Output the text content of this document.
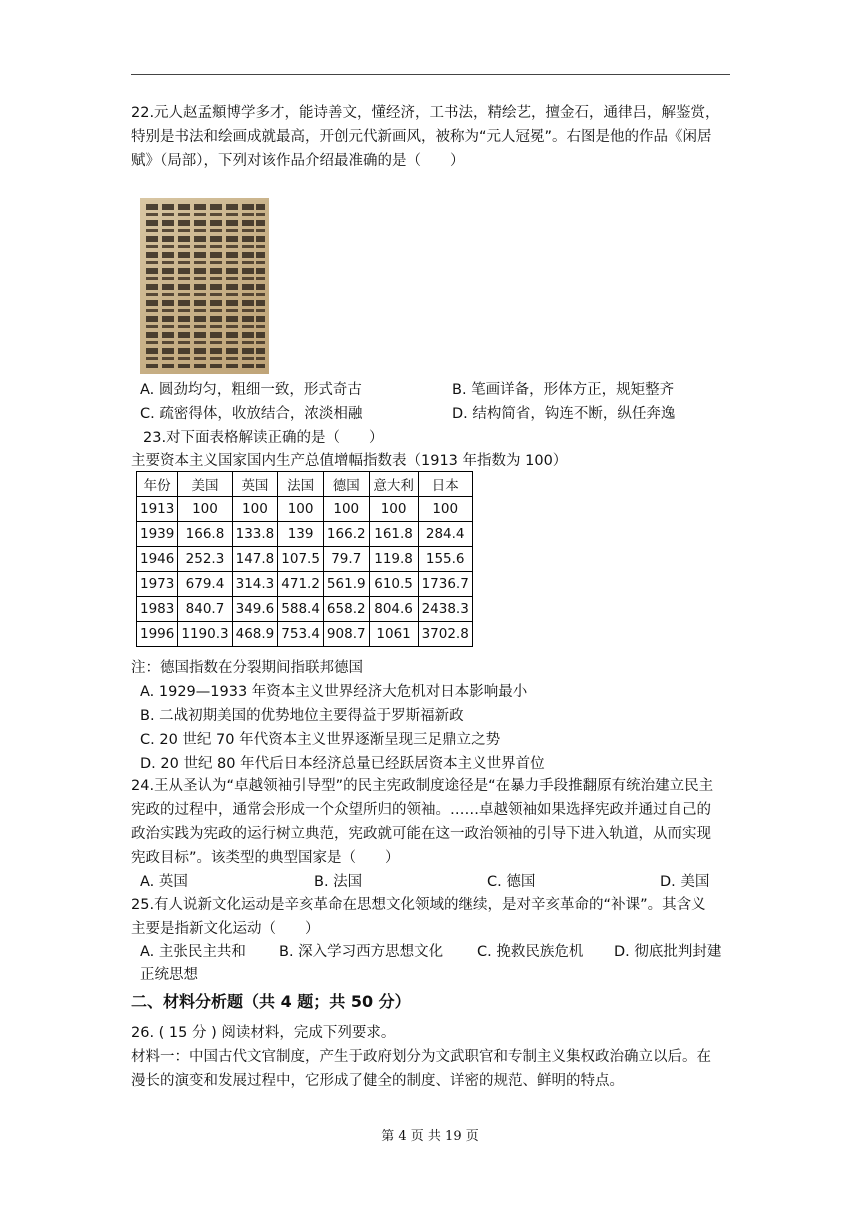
22.元人赵孟頫博学多才，能诗善文，懂经济，工书法，精绘艺，擅金石，通律吕，解鉴赏，
特别是书法和绘画成就最高，开创元代新画风，被称为“元人冠冕”。右图是他的作品《闲居
赋》（局部），下列对该作品介绍最准确的是（　　）
A. 圆劲均匀，粗细一致，形式奇古	B. 笔画详备，形体方正，规矩整齐
C. 疏密得体，收放结合，浓淡相融	D. 结构简省，钩连不断，纵任奔逸
23.对下面表格解读正确的是（　　）
主要资本主义国家国内生产总值增幅指数表（1913 年指数为 100）
年份	美国	英国	法国	德国	意大利	日本
1913	100	100	100	100	100	100
1939	166.8	133.8	139	166.2	161.8	284.4
1946	252.3	147.8	107.5	79.7	119.8	155.6
1973	679.4	314.3	471.2	561.9	610.5	1736.7
1983	840.7	349.6	588.4	658.2	804.6	2438.3
1996	1190.3	468.9	753.4	908.7	1061	3702.8
注：德国指数在分裂期间指联邦德国
A. 1929—1933 年资本主义世界经济大危机对日本影响最小
B. 二战初期美国的优势地位主要得益于罗斯福新政
C. 20 世纪 70 年代资本主义世界逐渐呈现三足鼎立之势
D. 20 世纪 80 年代后日本经济总量已经跃居资本主义世界首位
24.王从圣认为“卓越领袖引导型”的民主宪政制度途径是“在暴力手段推翻原有统治建立民主
宪政的过程中，通常会形成一个众望所归的领袖。……卓越领袖如果选择宪政并通过自己的
政治实践为宪政的运行树立典范，宪政就可能在这一政治领袖的引导下进入轨道，从而实现
宪政目标”。该类型的典型国家是（　　）
A. 英国	B. 法国	C. 德国	D. 美国
25.有人说新文化运动是辛亥革命在思想文化领域的继续，是对辛亥革命的“补课”。其含义
主要是指新文化运动（　　）
A. 主张民主共和 B. 深入学习西方思想文化 C. 挽救民族危机 D. 彻底批判封建
正统思想
二、材料分析题（共 4 题；共 50 分）
26. ( 15 分 ) 阅读材料，完成下列要求。
材料一：中国古代文官制度，产生于政府划分为文武职官和专制主义集权政治确立以后。在
漫长的演变和发展过程中，它形成了健全的制度、详密的规范、鲜明的特点。
第 4 页 共 19 页
